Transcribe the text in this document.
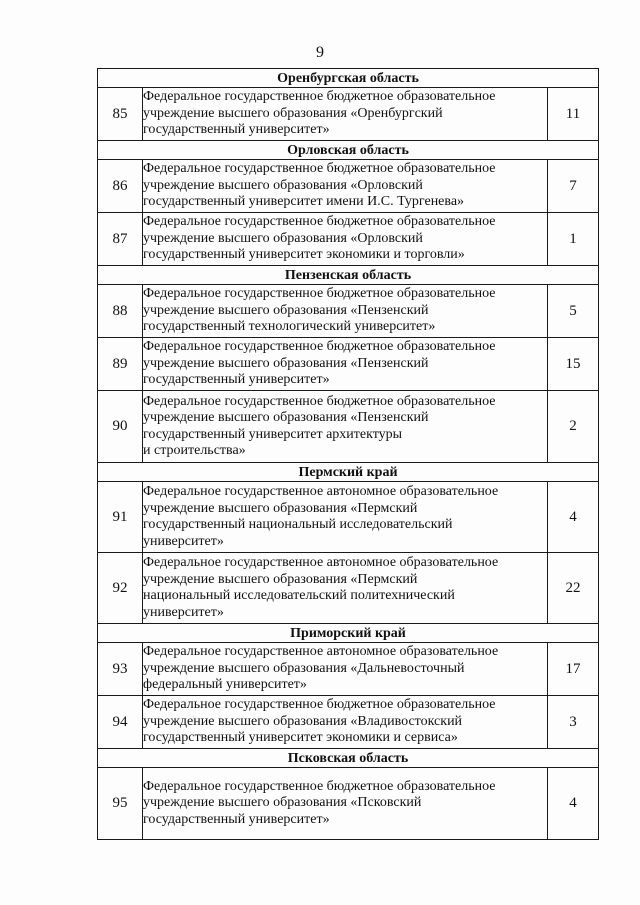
9
Оренбургская область		
85	Федеральное государственное бюджетное образовательное
учреждение высшего образования «Оренбургский
государственный университет»	11
Орловская область		
86	Федеральное государственное бюджетное образовательное
учреждение высшего образования «Орловский
государственный университет имени И.С. Тургенева»	7
87	Федеральное государственное бюджетное образовательное
учреждение высшего образования «Орловский
государственный университет экономики и торговли»	1
Пензенская область		
88	Федеральное государственное бюджетное образовательное
учреждение высшего образования «Пензенский
государственный технологический университет»	5
89	Федеральное государственное бюджетное образовательное
учреждение высшего образования «Пензенский
государственный университет»	15
90	Федеральное государственное бюджетное образовательное
учреждение высшего образования «Пензенский
государственный университет архитектуры
и строительства»	2
Пермский край		
91	Федеральное государственное автономное образовательное
учреждение высшего образования «Пермский
государственный национальный исследовательский
университет»	4
92	Федеральное государственное автономное образовательное
учреждение высшего образования «Пермский
национальный исследовательский политехнический
университет»	22
Приморский край		
93	Федеральное государственное автономное образовательное
учреждение высшего образования «Дальневосточный
федеральный университет»	17
94	Федеральное государственное бюджетное образовательное
учреждение высшего образования «Владивостокский
государственный университет экономики и сервиса»	3
Псковская область		
95	Федеральное государственное бюджетное образовательное
учреждение высшего образования «Псковский
государственный университет»	4
